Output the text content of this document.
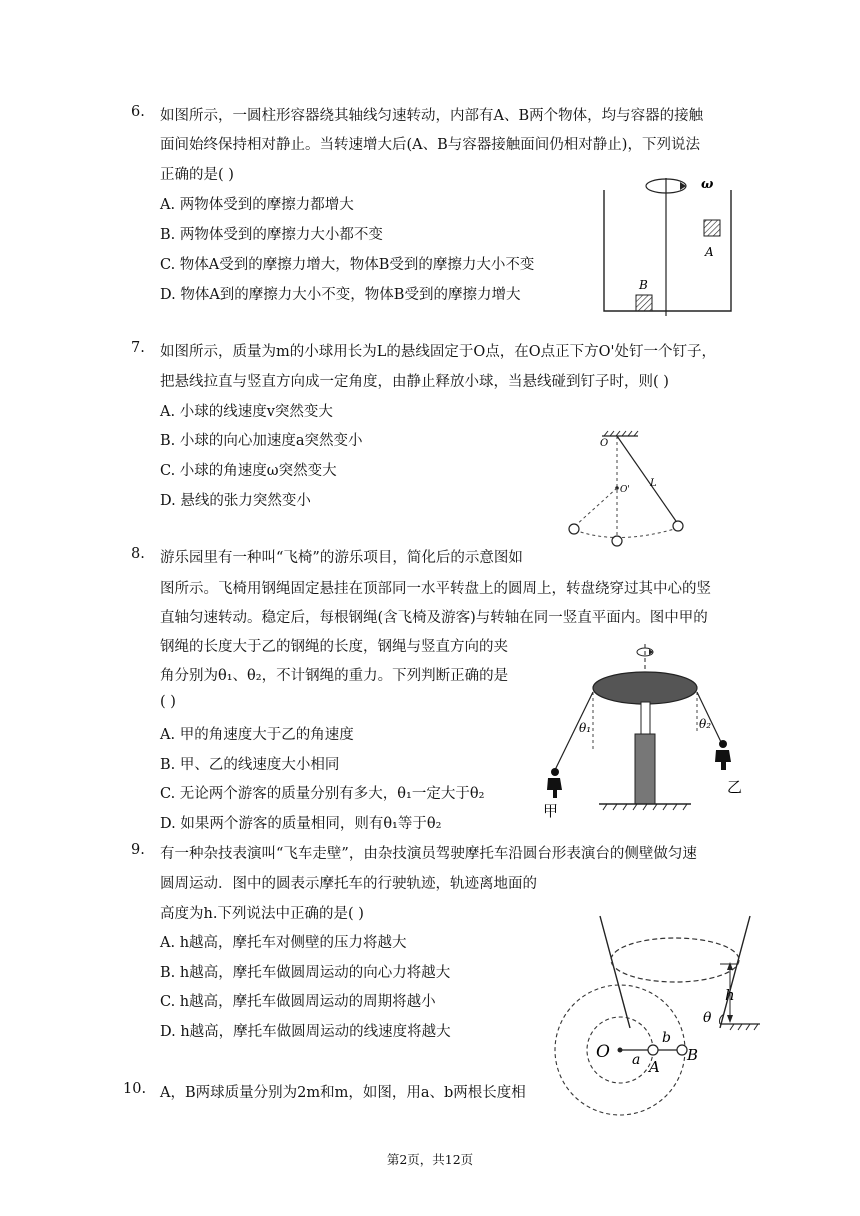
6. 如图所示，一圆柱形容器绕其轴线匀速转动，内部有A、B两个物体，均与容器的接触
面间始终保持相对静止。当转速增大后(A、B与容器接触面间仍相对静止)，下列说法
正确的是( )
A. 两物体受到的摩擦力都增大
B. 两物体受到的摩擦力大小都不变
C. 物体A受到的摩擦力增大，物体B受到的摩擦力大小不变
D. 物体A到的摩擦力大小不变，物体B受到的摩擦力增大
ω
A
B
7. 如图所示，质量为m的小球用长为L的悬线固定于O点，在O点正下方O'处钉一个钉子，
把悬线拉直与竖直方向成一定角度，由静止释放小球，当悬线碰到钉子时，则( )
A. 小球的线速度v突然变大
B. 小球的向心加速度a突然变小
C. 小球的角速度ω突然变大
D. 悬线的张力突然变小
O
L
O'
8. 游乐园里有一种叫“飞椅”的游乐项目，简化后的示意图如
图所示。飞椅用钢绳固定悬挂在顶部同一水平转盘上的圆周上，转盘绕穿过其中心的竖
直轴匀速转动。稳定后，每根钢绳(含飞椅及游客)与转轴在同一竖直平面内。图中甲的
钢绳的长度大于乙的钢绳的长度，钢绳与竖直方向的夹
角分别为θ₁、θ₂，不计钢绳的重力。下列判断正确的是
( )
A. 甲的角速度大于乙的角速度
B. 甲、乙的线速度大小相同
C. 无论两个游客的质量分别有多大，θ₁一定大于θ₂
D. 如果两个游客的质量相同，则有θ₁等于θ₂
θ₁	θ₂
甲
乙
9. 有一种杂技表演叫“飞车走壁”，由杂技演员驾驶摩托车沿圆台形表演台的侧壁做匀速
圆周运动．图中的圆表示摩托车的行驶轨迹，轨迹离地面的
高度为h.下列说法中正确的是( )
A. h越高，摩托车对侧壁的压力将越大
B. h越高，摩托车做圆周运动的向心力将越大
C. h越高，摩托车做圆周运动的周期将越小
D. h越高，摩托车做圆周运动的线速度将越大
h
θ
10. A，B两球质量分别为2m和m，如图，用a、b两根长度相
O a
b
A
B
第2页，共12页
